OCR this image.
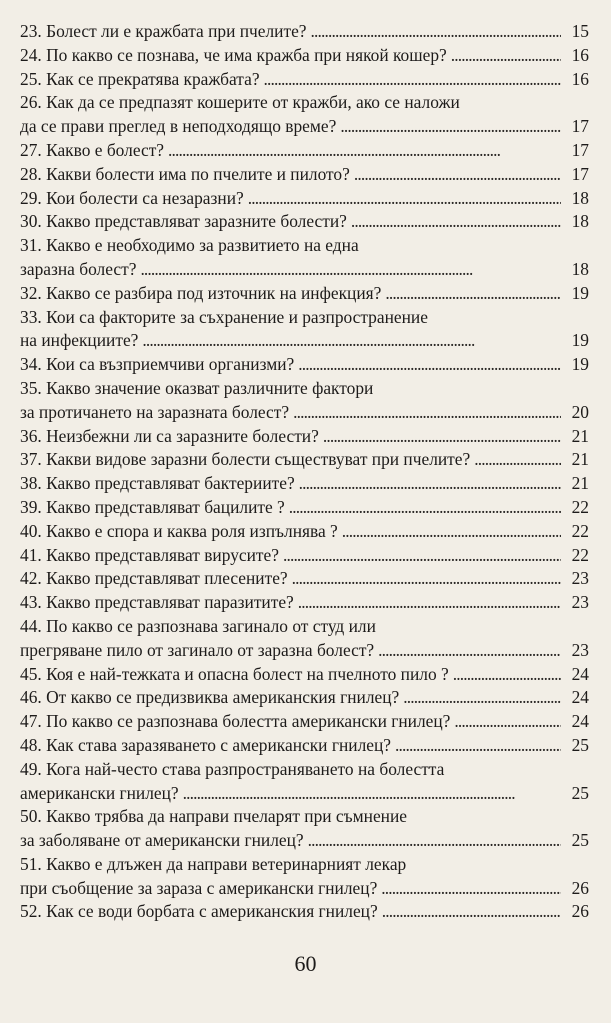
23. Болест ли е кражбата при пчелите? . . .	15
24. По какво се познава, че има кражба при някой кошер? . . .	16
25. Как се прекратява кражбата? . . .	16
26. Как да се предпазят кошерите от кражби, ако се наложи
да се прави преглед в неподходящо време? . . .	17
27. Какво е болест? . . .	17
28. Какви болести има по пчелите и пилото? . . .	17
29. Кои болести са незаразни? . . .	18
30. Какво представляват заразните болести? . . .	18
31. Какво е необходимо за развитието на една
заразна болест? . . .	18
32. Какво се разбира под източник на инфекция? . . .	19
33. Кои са факторите за съхранение и разпространение
на инфекциите? . . .	19
34. Кои са възприемчиви организми? . . .	19
35. Какво значение оказват различните фактори
за протичането на заразната болест? . . .	20
36. Неизбежни ли са заразните болести? . . .	21
37. Какви видове заразни болести съществуват при пчелите? . . .	21
38. Какво представляват бактериите? . . .	21
39. Какво представляват бацилите ? . . .	22
40. Какво е спора и каква роля изпълнява ? . . .	22
41. Какво представляват вирусите? . . .	22
42. Какво представляват плесените? . . .	23
43. Какво представляват паразитите? . . .	23
44. По какво се разпознава загинало от студ или
прегряване пило от загинало от заразна болест? . . .	23
45. Коя е най-тежката и опасна болест на пчелното пило ? . . .	24
46. От какво се предизвиква американския гнилец? . . .	24
47. По какво се разпознава болестта американски гнилец? . . .	24
48. Как става заразяването с американски гнилец? . . .	25
49. Кога най-често става разпространяването на болестта
американски гнилец? . . .	25
50. Какво трябва да направи пчеларят при съмнение
за заболяване от американски гнилец? . . .	25
51. Какво е длъжен да направи ветеринарният лекар
при съобщение за зараза с американски гнилец? . . .	26
52. Как се води борбата с американския гнилец? . . .	26
60
